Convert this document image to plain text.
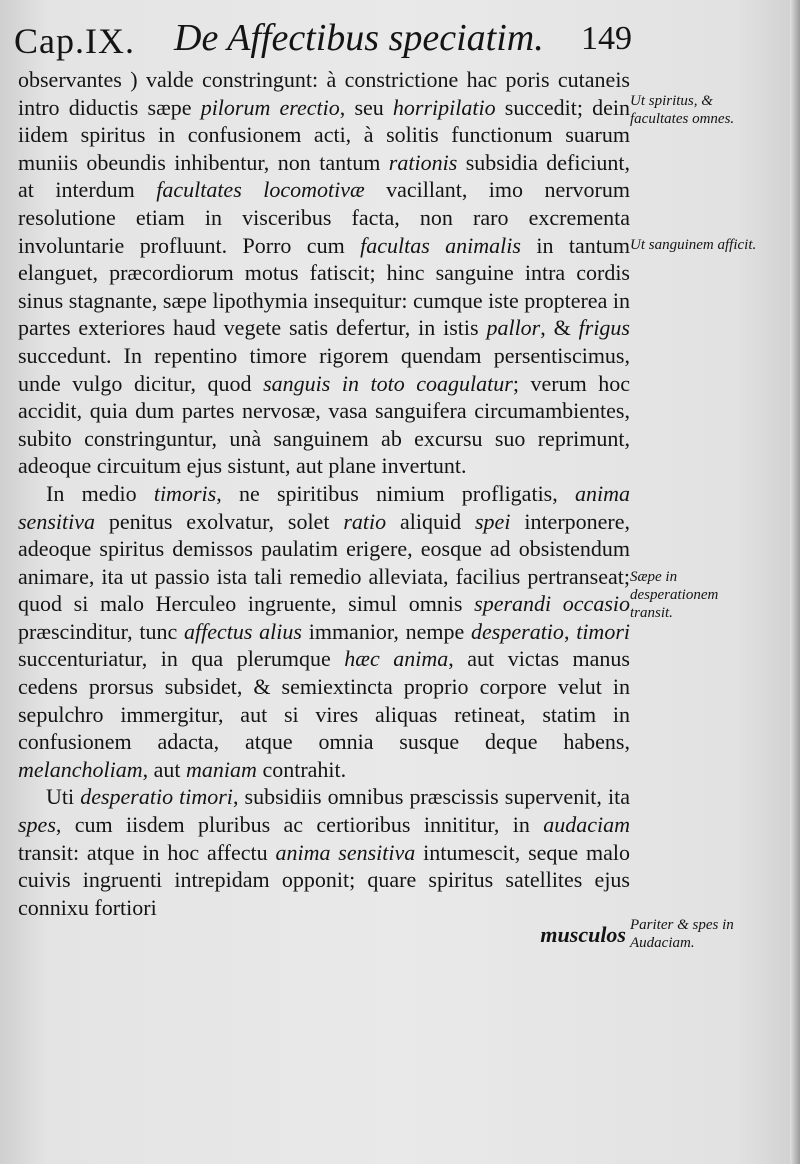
Cap.IX. De Affectibus speciatim. 149

observantes ) valde constringunt: à constrictione hac poris cutaneis intro diductis sæpe pilorum erectio, seu horripilatio succedit; dein iidem spiritus in confusionem acti, à solitis functionum suarum muniis obeundis inhibentur, non tantum rationis subsidia deficiunt, at interdum facultates locomotivæ vacillant, imo nervorum resolutione etiam in visceribus facta, non raro excrementa involuntarie profluunt. Porro cum facultas animalis in tantum elanguet, præcordiorum motus fatiscit; hinc sanguine intra cordis sinus stagnante, sæpe lipothymia insequitur: cumque iste propterea in partes exteriores haud vegete satis defertur, in istis pallor, & frigus succedunt. In repentino timore rigorem quendam persentiscimus, unde vulgo dicitur, quod sanguis in toto coagulatur; verum hoc accidit, quia dum partes nervosæ, vasa sanguifera circumambientes, subito constringuntur, unà sanguinem ab excursu suo reprimunt, adeoque circuitum ejus sistunt, aut plane invertunt.

In medio timoris, ne spiritibus nimium profligatis, anima sensitiva penitus exolvatur, solet ratio aliquid spei interponere, adeoque spiritus demissos paulatim erigere, eosque ad obsistendum animare, ita ut passio ista tali remedio alleviata, facilius pertranseat; quod si malo Herculeo ingruente, simul omnis sperandi occasio præscinditur, tunc affectus alius immanior, nempe desperatio, timori succenturiatur, in qua plerumque hæc anima, aut victas manus cedens prorsus subsidet, & semiextincta proprio corpore velut in sepulchro immergitur, aut si vires aliquas retineat, statim in confusionem adacta, atque omnia susque deque habens, melancholiam, aut maniam contrahit.

Uti desperatio timori, subsidiis omnibus præscissis supervenit, ita spes, cum iisdem pluribus ac certioribus innititur, in audaciam transit: atque in hoc affectu anima sensitiva intumescit, seque malo cuivis ingruenti intrepidam opponit; quare spiritus satellites ejus connixu fortiori

musculos
Ut spiritus, & facultates omnes.
Ut sanguinem afficit.
Sæpe in desperationem transit.
Pariter & spes in Audaciam.
